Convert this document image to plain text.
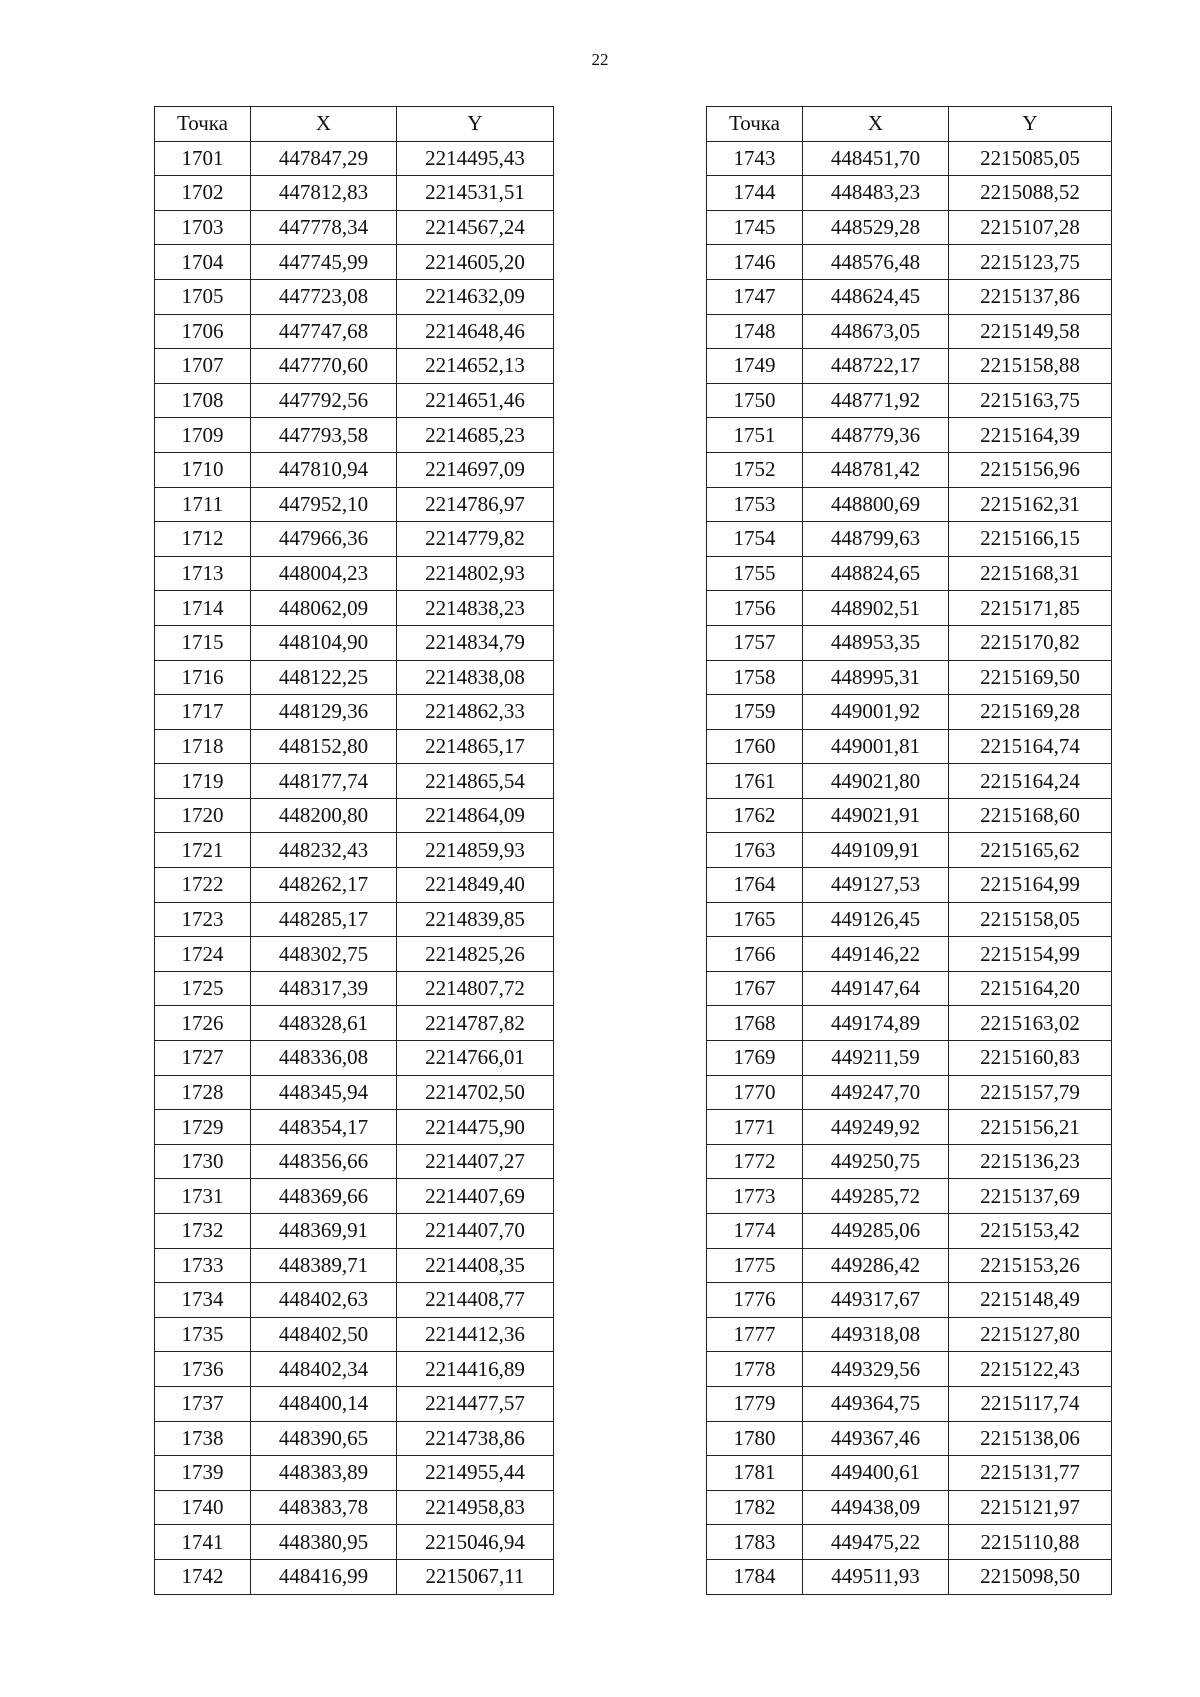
22
Точка	X	Y
1701	447847,29	2214495,43
1702	447812,83	2214531,51
1703	447778,34	2214567,24
1704	447745,99	2214605,20
1705	447723,08	2214632,09
1706	447747,68	2214648,46
1707	447770,60	2214652,13
1708	447792,56	2214651,46
1709	447793,58	2214685,23
1710	447810,94	2214697,09
1711	447952,10	2214786,97
1712	447966,36	2214779,82
1713	448004,23	2214802,93
1714	448062,09	2214838,23
1715	448104,90	2214834,79
1716	448122,25	2214838,08
1717	448129,36	2214862,33
1718	448152,80	2214865,17
1719	448177,74	2214865,54
1720	448200,80	2214864,09
1721	448232,43	2214859,93
1722	448262,17	2214849,40
1723	448285,17	2214839,85
1724	448302,75	2214825,26
1725	448317,39	2214807,72
1726	448328,61	2214787,82
1727	448336,08	2214766,01
1728	448345,94	2214702,50
1729	448354,17	2214475,90
1730	448356,66	2214407,27
1731	448369,66	2214407,69
1732	448369,91	2214407,70
1733	448389,71	2214408,35
1734	448402,63	2214408,77
1735	448402,50	2214412,36
1736	448402,34	2214416,89
1737	448400,14	2214477,57
1738	448390,65	2214738,86
1739	448383,89	2214955,44
1740	448383,78	2214958,83
1741	448380,95	2215046,94
1742	448416,99	2215067,11
Точка	X	Y
1743	448451,70	2215085,05
1744	448483,23	2215088,52
1745	448529,28	2215107,28
1746	448576,48	2215123,75
1747	448624,45	2215137,86
1748	448673,05	2215149,58
1749	448722,17	2215158,88
1750	448771,92	2215163,75
1751	448779,36	2215164,39
1752	448781,42	2215156,96
1753	448800,69	2215162,31
1754	448799,63	2215166,15
1755	448824,65	2215168,31
1756	448902,51	2215171,85
1757	448953,35	2215170,82
1758	448995,31	2215169,50
1759	449001,92	2215169,28
1760	449001,81	2215164,74
1761	449021,80	2215164,24
1762	449021,91	2215168,60
1763	449109,91	2215165,62
1764	449127,53	2215164,99
1765	449126,45	2215158,05
1766	449146,22	2215154,99
1767	449147,64	2215164,20
1768	449174,89	2215163,02
1769	449211,59	2215160,83
1770	449247,70	2215157,79
1771	449249,92	2215156,21
1772	449250,75	2215136,23
1773	449285,72	2215137,69
1774	449285,06	2215153,42
1775	449286,42	2215153,26
1776	449317,67	2215148,49
1777	449318,08	2215127,80
1778	449329,56	2215122,43
1779	449364,75	2215117,74
1780	449367,46	2215138,06
1781	449400,61	2215131,77
1782	449438,09	2215121,97
1783	449475,22	2215110,88
1784	449511,93	2215098,50
